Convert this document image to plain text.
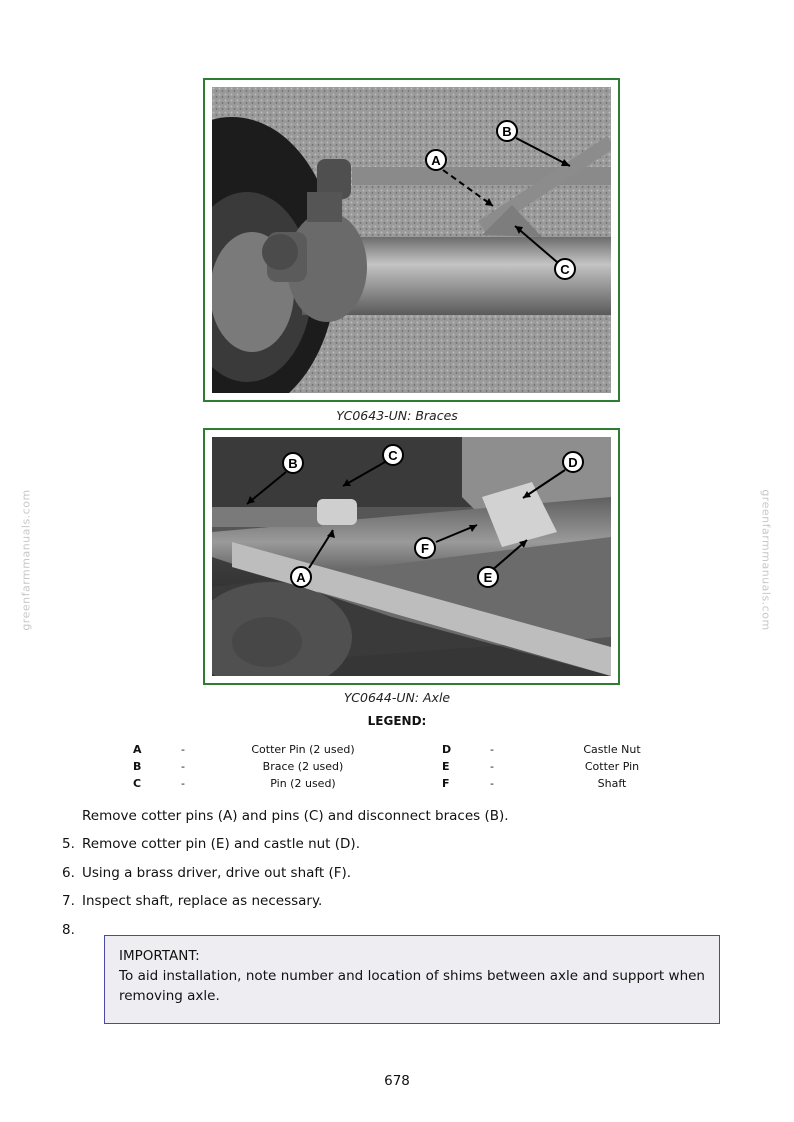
greenfarmmanuals.com	greenfarmmanuals.com
A
B
C
YC0643-UN: Braces
B
C	D
F
A	E
YC0644-UN: Axle
LEGEND:
A	-	Cotter Pin (2 used)	D	-	Castle Nut
B	-	Brace (2 used)	E	-	Cotter Pin
C	-	Pin (2 used)	F	-	Shaft
Remove cotter pins (A) and pins (C) and disconnect braces (B).
5. Remove cotter pin (E) and castle nut (D).
6. Using a brass driver, drive out shaft (F).
7. Inspect shaft, replace as necessary.
8.
IMPORTANT:
To aid installation, note number and location of shims between axle and support when removing axle.
678
